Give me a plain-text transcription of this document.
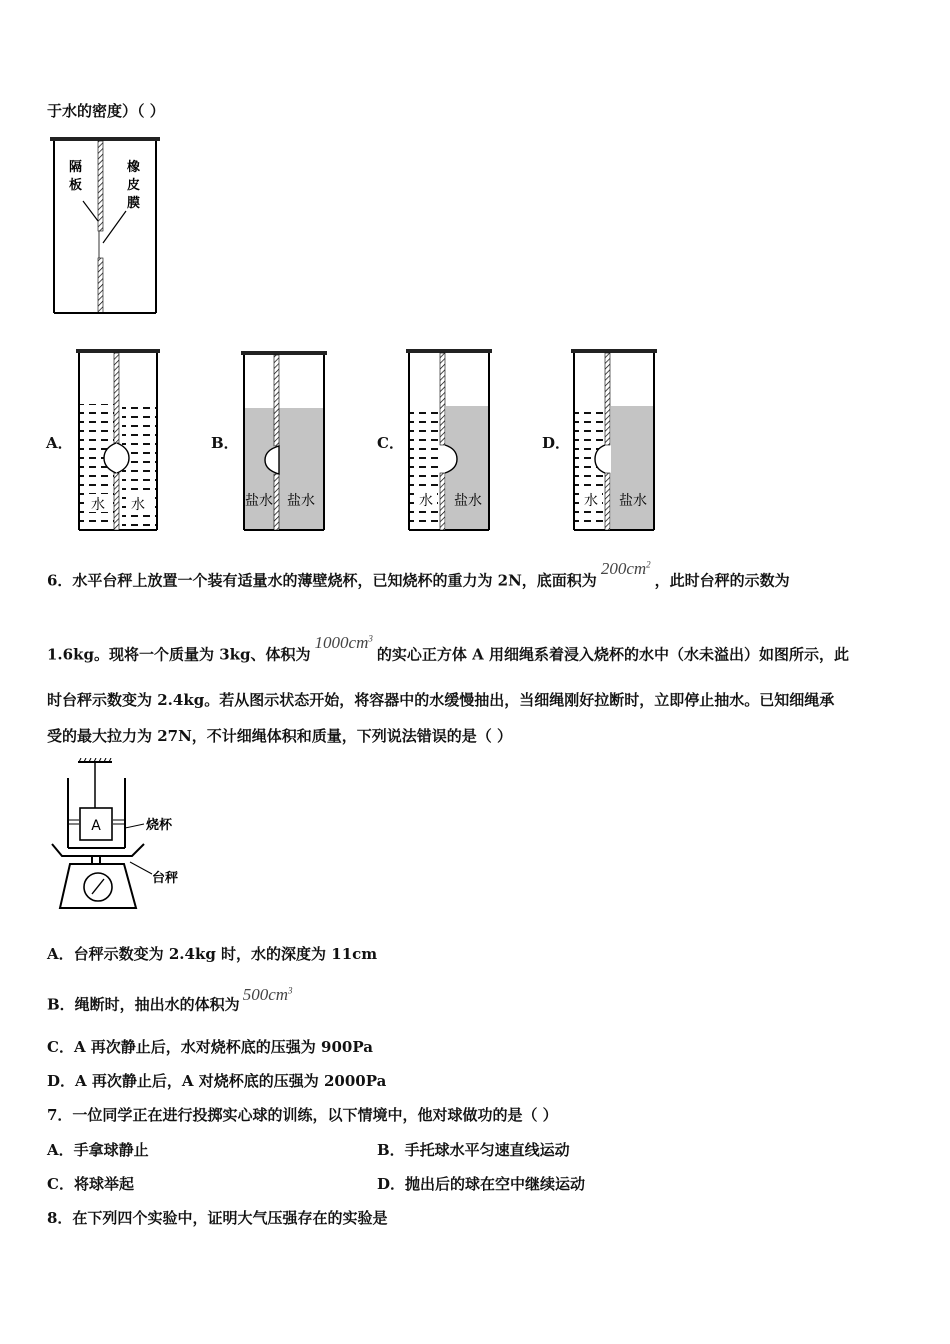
于水的密度）（ ）
隔
板
橡
皮
膜
A．
水 水
B．
盐水 盐水
C．
水 盐水
D．
水 盐水
6．水平台秤上放置一个装有适量水的薄壁烧杯，已知烧杯的重力为 2N，底面积为$200cm^2$，此时台秤的示数为
1.6kg。现将一个质量为 3kg、体积为$1000cm^3$的实心正方体 A 用细绳系着浸入烧杯的水中（水未溢出）如图所示，此
时台秤示数变为 2.4kg。若从图示状态开始，将容器中的水缓慢抽出，当细绳刚好拉断时，立即停止抽水。已知细绳承
受的最大拉力为 27N，不计细绳体积和质量，下列说法错误的是（ ）
A	烧杯
台秤
A．台秤示数变为 2.4kg 时，水的深度为 11cm
B．绳断时，抽出水的体积为$500cm^3$
C．A 再次静止后，水对烧杯底的压强为 900Pa
D．A 再次静止后，A 对烧杯底的压强为 2000Pa
7．一位同学正在进行投掷实心球的训练，以下情境中，他对球做功的是（ ）
A．手拿球静止	B．手托球水平匀速直线运动
C．将球举起	D．抛出后的球在空中继续运动
8．在下列四个实验中，证明大气压强存在的实验是
